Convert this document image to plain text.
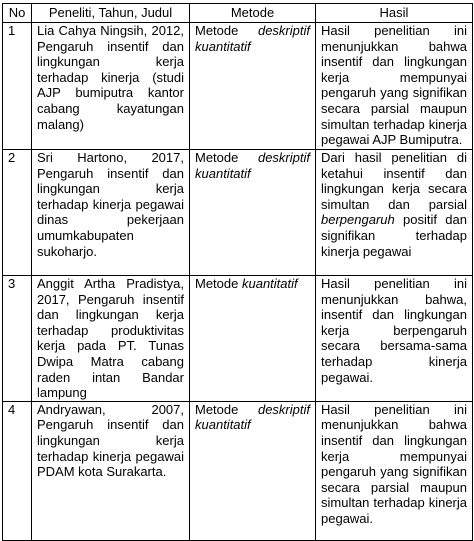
No	Peneliti, Tahun, Judul	Metode	Hasil
1	Lia Cahya Ningsih, 2012, Pengaruh insentif dan lingkungan kerja terhadap kinerja (studi AJP bumiputra kantor cabang kayatungan malang)	Metode deskriptif kuantitatif	Hasil penelitian ini menunjukkan bahwa insentif dan lingkungan kerja mempunyai pengaruh yang signifikan secara parsial maupun simultan terhadap kinerja pegawai AJP Bumiputra.
2	Sri Hartono, 2017, Pengaruh insentif dan lingkungan kerja terhadap kinerja pegawai dinas pekerjaan umumkabupaten sukoharjo.	Metode deskriptif kuantitatif	Dari hasil penelitian di ketahui insentif dan lingkungan kerja secara simultan dan parsial berpengaruh positif dan signifikan terhadap kinerja pegawai
3	Anggit Artha Pradistya, 2017, Pengaruh insentif dan lingkungan kerja terhadap produktivitas kerja pada PT. Tunas Dwipa Matra cabang raden intan Bandar lampung	Metode kuantitatif	Hasil penelitian ini menunjukkan bahwa, insentif dan lingkungan kerja berpengaruh secara bersama-sama terhadap kinerja pegawai.
4	Andryawan, 2007, Pengaruh insentif dan lingkungan kerja terhadap kinerja pegawai PDAM kota Surakarta.	Metode deskriptif kuantitatif	Hasil penelitian ini menunjukkan bahwa insentif dan lingkungan kerja mempunyai pengaruh yang signifikan secara parsial maupun simultan terhadap kinerja pegawai.
